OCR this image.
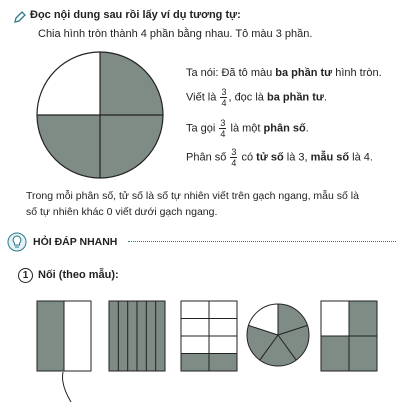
Đọc nội dung sau rồi lấy ví dụ tương tự:
Chia hình tròn thành 4 phần bằng nhau. Tô màu 3 phần.
Ta nói: Đã tô màu ba phần tư hình tròn.
Viết là $\frac{3}{4}$ , đọc là ba phần tư.
Ta gọi $\frac{3}{4}$ là một phân số.
Phân số $\frac{3}{4}$ có tử số là 3, mẫu số là 4.
Trong mỗi phân số, tử số là số tự nhiên viết trên gạch ngang, mẫu số là
số tự nhiên khác 0 viết dưới gạch ngang.
HỎI ĐÁP NHANH
1 Nối (theo mẫu):
